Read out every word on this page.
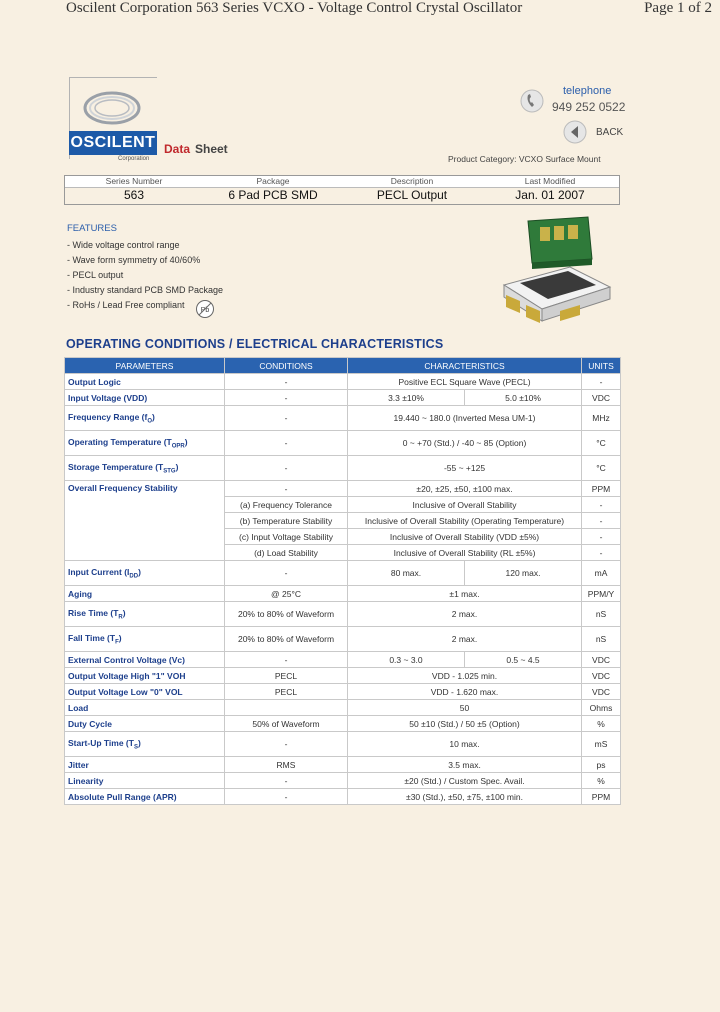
Oscilent Corporation 563 Series VCXO - Voltage Control Crystal Oscillator	Page 1 of 2
OSCILENT
Corporation
Data Sheet
telephone
949 252 0522
BACK
Product Category: VCXO Surface Mount
Series Number	Package	Description	Last Modified
563	6 Pad PCB SMD	PECL Output	Jan. 01 2007
FEATURES
- Wide voltage control range
- Wave form symmetry of 40/60%
- PECL output
- Industry standard PCB SMD Package
- RoHs / Lead Free compliant
Pb
OPERATING CONDITIONS / ELECTRICAL CHARACTERISTICS
PARAMETERS	CONDITIONS	CHARACTERISTICS		UNITS
Output Logic	-	Positive ECL Square Wave (PECL)		-
Input Voltage (VDD)	-	3.3 ±10%	5.0 ±10%	VDC
Frequency Range $(f_O)$	-	19.440 ~ 180.0 (Inverted Mesa UM-1)		MHz
Operating Temperature $(T_{OPR})$	-	0 ~ +70 (Std.) / -40 ~ 85 (Option)		°C
Storage Temperature $(T_{STG})$	-	-55 ~ +125		°C
Overall Frequency Stability	-	±20, ±25, ±50, ±100 max.		PPM
	(a) Frequency Tolerance	Inclusive of Overall Stability		-
	(b) Temperature Stability	Inclusive of Overall Stability (Operating Temperature)		-
	(c) Input Voltage Stability	Inclusive of Overall Stability (VDD ±5%)		-
	(d) Load Stability	Inclusive of Overall Stability (RL ±5%)		-
Input Current $(I_{DD})$	-	80 max.	120 max.	mA
Aging	@ 25°C	±1 max.		PPM/Y
Rise Time $(T_R)$	20% to 80% of Waveform	2 max.		nS
Fall Time $(T_F)$	20% to 80% of Waveform	2 max.		nS
External Control Voltage (Vc)	-	0.3 ~ 3.0	0.5 ~ 4.5	VDC
Output Voltage High "1" VOH	PECL	VDD - 1.025 min.		VDC
Output Voltage Low "0" VOL	PECL	VDD - 1.620 max.		VDC
Load		50		Ohms
Duty Cycle	50% of Waveform	50 ±10 (Std.) / 50 ±5 (Option)		%
Start-Up Time $(T_S)$	-	10 max.		mS
Jitter	RMS	3.5 max.		ps
Linearity	-	±20 (Std.) / Custom Spec. Avail.		%
Absolute Pull Range (APR)	-	±30 (Std.), ±50, ±75, ±100 min.		PPM
